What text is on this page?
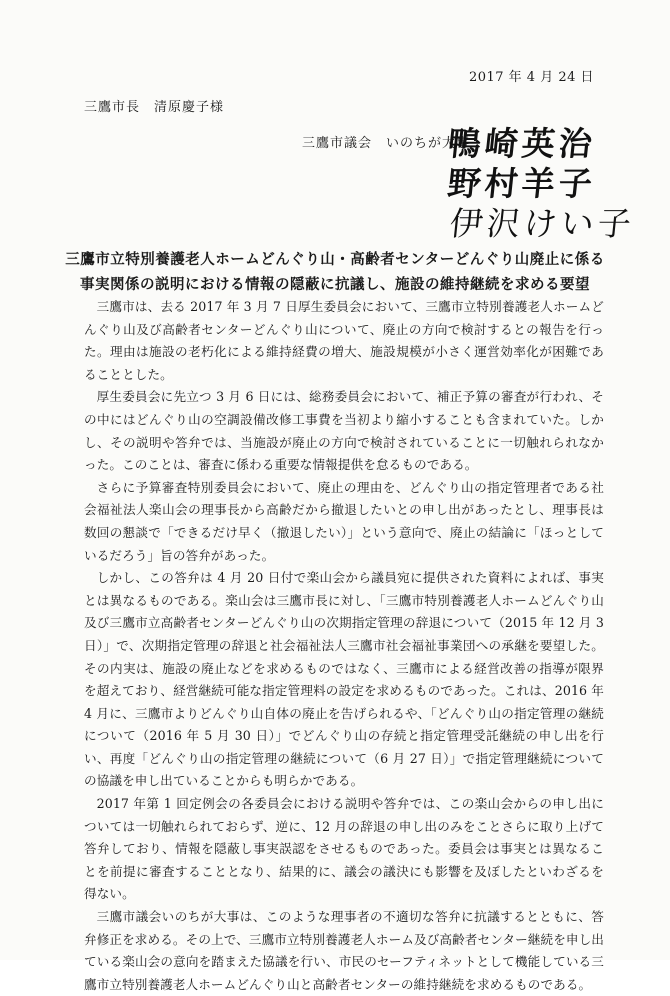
2017 年 4 月 24 日
三鷹市長　清原慶子様
三鷹市議会　いのちが大事
鴨崎英治
野村羊子
伊沢けい子
三鷹市立特別養護老人ホームどんぐり山・高齢者センターどんぐり山廃止に係る
事実関係の説明における情報の隠蔽に抗議し、施設の維持継続を求める要望

三鷹市は、去る 2017 年 3 月 7 日厚生委員会において、三鷹市立特別養護老人ホームどんぐり山及び高齢者センターどんぐり山について、廃止の方向で検討するとの報告を行った。理由は施設の老朽化による維持経費の増大、施設規模が小さく運営効率化が困難であることとした。

厚生委員会に先立つ 3 月 6 日には、総務委員会において、補正予算の審査が行われ、その中にはどんぐり山の空調設備改修工事費を当初より縮小することも含まれていた。しかし、その説明や答弁では、当施設が廃止の方向で検討されていることに一切触れられなかった。このことは、審査に係わる重要な情報提供を怠るものである。

さらに予算審査特別委員会において、廃止の理由を、どんぐり山の指定管理者である社会福祉法人楽山会の理事長から高齢だから撤退したいとの申し出があったとし、理事長は数回の懇談で「できるだけ早く（撤退したい）」という意向で、廃止の結論に「ほっとしているだろう」旨の答弁があった。

しかし、この答弁は 4 月 20 日付で楽山会から議員宛に提供された資料によれば、事実とは異なるものである。楽山会は三鷹市長に対し、「三鷹市特別養護老人ホームどんぐり山及び三鷹市立高齢者センターどんぐり山の次期指定管理の辞退について（2015 年 12 月 3 日）」で、次期指定管理の辞退と社会福祉法人三鷹市社会福祉事業団への承継を要望した。その内実は、施設の廃止などを求めるものではなく、三鷹市による経営改善の指導が限界を超えており、経営継続可能な指定管理料の設定を求めるものであった。これは、2016 年 4 月に、三鷹市よりどんぐり山自体の廃止を告げられるや、「どんぐり山の指定管理の継続について（2016 年 5 月 30 日）」でどんぐり山の存続と指定管理受託継続の申し出を行い、再度「どんぐり山の指定管理の継続について（6 月 27 日）」で指定管理継続についての協議を申し出ていることからも明らかである。

2017 年第 1 回定例会の各委員会における説明や答弁では、この楽山会からの申し出については一切触れられておらず、逆に、12 月の辞退の申し出のみをことさらに取り上げて答弁しており、情報を隠蔽し事実誤認をさせるものであった。委員会は事実とは異なることを前提に審査することとなり、結果的に、議会の議決にも影響を及ぼしたといわざるを得ない。

三鷹市議会いのちが大事は、このような理事者の不適切な答弁に抗議するとともに、答弁修正を求める。その上で、三鷹市立特別養護老人ホーム及び高齢者センター継続を申し出ている楽山会の意向を踏まえた協議を行い、市民のセーフティネットとして機能している三鷹市立特別養護老人ホームどんぐり山と高齢者センターの維持継続を求めるものである。
